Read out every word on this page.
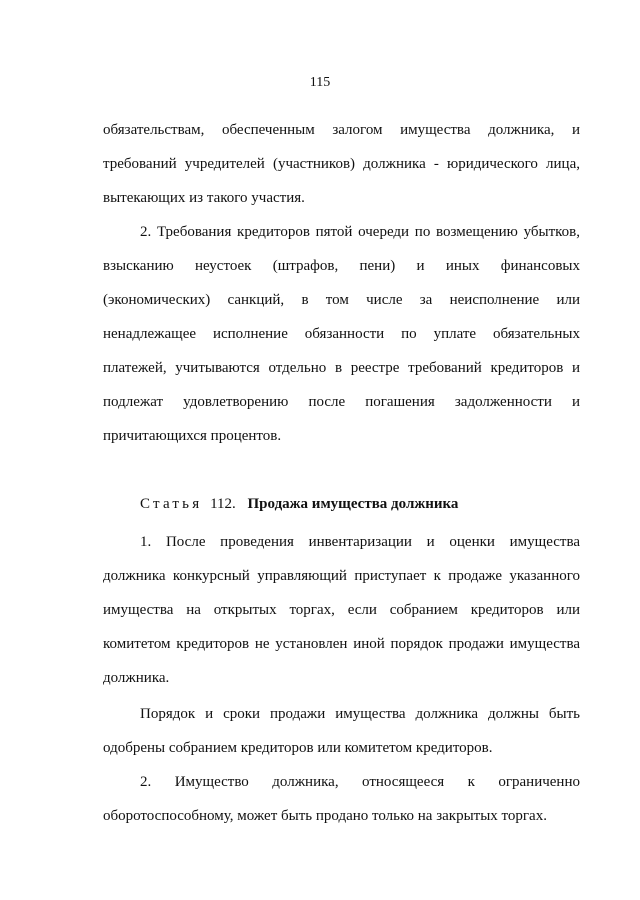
115

обязательствам, обеспеченным залогом имущества должника, и требований учредителей (участников) должника - юридического лица, вытекающих из такого участия.

2. Требования кредиторов пятой очереди по возмещению убытков, взысканию неустоек (штрафов, пени) и иных финансовых (экономических) санкций, в том числе за неисполнение или ненадлежащее исполнение обязанности по уплате обязательных платежей, учитываются отдельно в реестре требований кредиторов и подлежат удовлетворению после погашения задолженности и причитающихся процентов.

Статья 112. Продажа имущества должника

1. После проведения инвентаризации и оценки имущества должника конкурсный управляющий приступает к продаже указанного имущества на открытых торгах, если собранием кредиторов или комитетом кредиторов не установлен иной порядок продажи имущества должника.

Порядок и сроки продажи имущества должника должны быть одобрены собранием кредиторов или комитетом кредиторов.

2. Имущество должника, относящееся к ограниченно оборотоспособному, может быть продано только на закрытых торгах.
